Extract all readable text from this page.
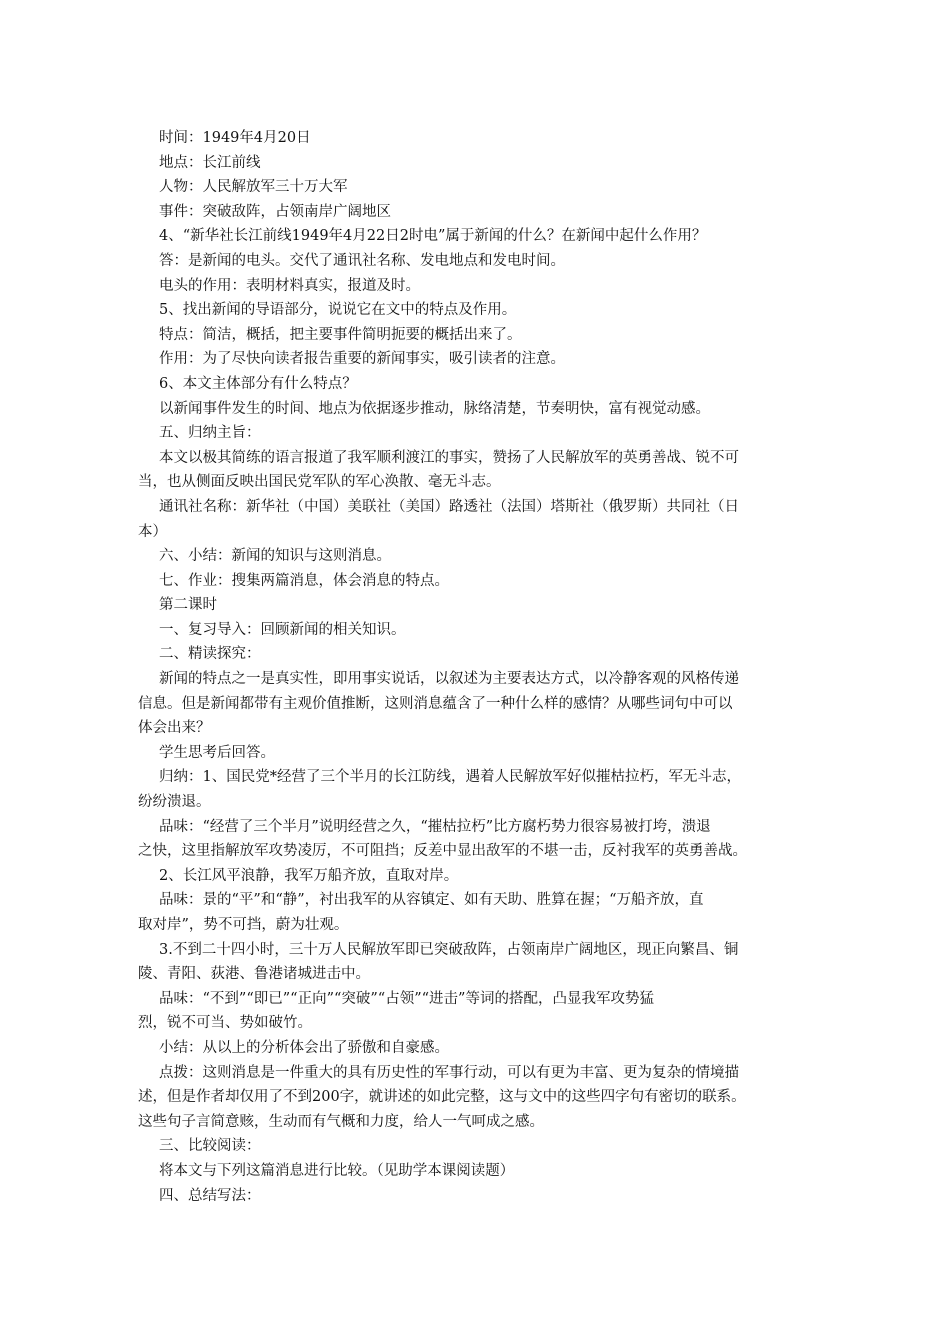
时间：1949年4月20日
地点：长江前线
人物：人民解放军三十万大军
事件：突破敌阵，占领南岸广阔地区
4、“新华社长江前线1949年4月22日2时电”属于新闻的什么？在新闻中起什么作用？
答：是新闻的电头。交代了通讯社名称、发电地点和发电时间。
电头的作用：表明材料真实，报道及时。
5、找出新闻的导语部分，说说它在文中的特点及作用。
特点：简洁，概括，把主要事件简明扼要的概括出来了。
作用：为了尽快向读者报告重要的新闻事实，吸引读者的注意。
6、本文主体部分有什么特点？
以新闻事件发生的时间、地点为依据逐步推动，脉络清楚，节奏明快，富有视觉动感。
五、归纳主旨：
本文以极其简练的语言报道了我军顺利渡江的事实，赞扬了人民解放军的英勇善战、锐不可
当，也从侧面反映出国民党军队的军心涣散、毫无斗志。
通讯社名称：新华社（中国）美联社（美国）路透社（法国）塔斯社（俄罗斯）共同社（日
本）
六、小结：新闻的知识与这则消息。
七、作业：搜集两篇消息，体会消息的特点。
第二课时
一、复习导入：回顾新闻的相关知识。
二、精读探究：
新闻的特点之一是真实性，即用事实说话，以叙述为主要表达方式，以冷静客观的风格传递
信息。但是新闻都带有主观价值推断，这则消息蕴含了一种什么样的感情？从哪些词句中可以
体会出来？
学生思考后回答。
归纳：1、国民党*经营了三个半月的长江防线，遇着人民解放军好似摧枯拉朽，军无斗志，
纷纷溃退。
品味：“经营了三个半月”说明经营之久，“摧枯拉朽”比方腐朽势力很容易被打垮，溃退
之快，这里指解放军攻势凌厉，不可阻挡；反差中显出敌军的不堪一击，反衬我军的英勇善战。
2、长江风平浪静，我军万船齐放，直取对岸。
品味：景的“平”和“静”，衬出我军的从容镇定、如有天助、胜算在握；“万船齐放，直
取对岸”，势不可挡，蔚为壮观。
3.不到二十四小时，三十万人民解放军即已突破敌阵，占领南岸广阔地区，现正向繁昌、铜
陵、青阳、荻港、鲁港诸城进击中。
品味：“不到”“即已”“正向”“突破”“占领”“进击”等词的搭配，凸显我军攻势猛
烈，锐不可当、势如破竹。
小结：从以上的分析体会出了骄傲和自豪感。
点拨：这则消息是一件重大的具有历史性的军事行动，可以有更为丰富、更为复杂的情境描
述，但是作者却仅用了不到200字，就讲述的如此完整，这与文中的这些四字句有密切的联系。
这些句子言简意赅，生动而有气概和力度，给人一气呵成之感。
三、比较阅读：
将本文与下列这篇消息进行比较。（见助学本课阅读题）
四、总结写法：
